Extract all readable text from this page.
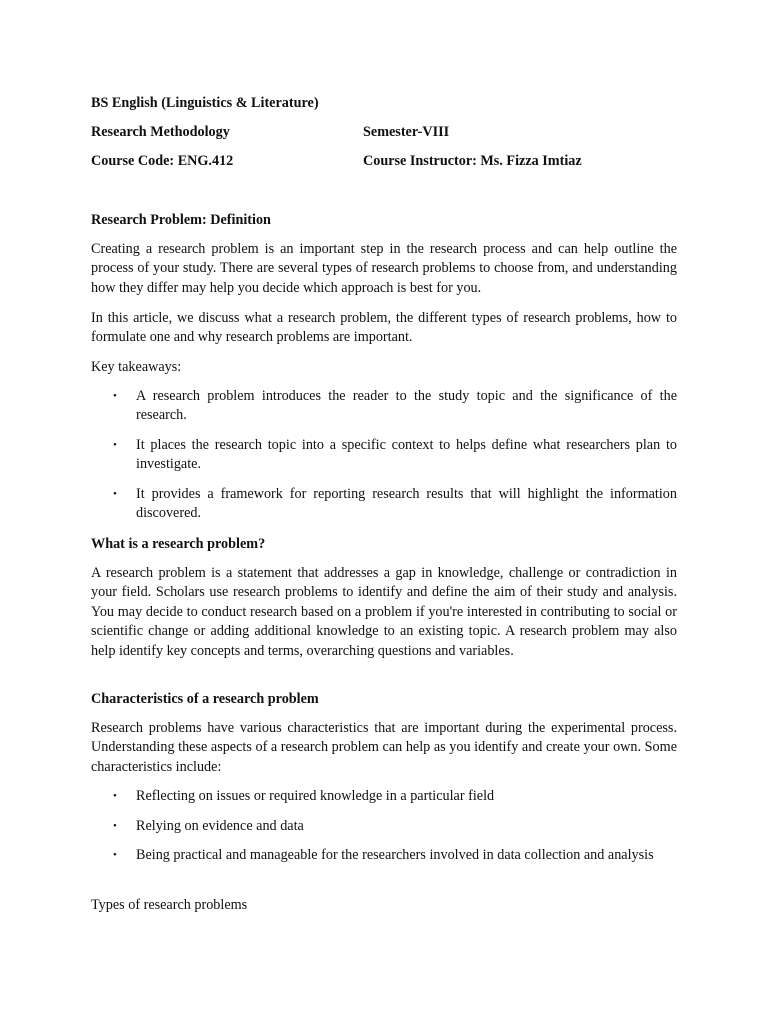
BS English (Linguistics & Literature)
Research Methodology	Semester-VIII
Course Code: ENG.412	Course Instructor: Ms. Fizza Imtiaz
Research Problem: Definition
Creating a research problem is an important step in the research process and can help outline the process of your study. There are several types of research problems to choose from, and understanding how they differ may help you decide which approach is best for you.
In this article, we discuss what a research problem, the different types of research problems, how to formulate one and why research problems are important.
Key takeaways:
• A research problem introduces the reader to the study topic and the significance of the research.
• It places the research topic into a specific context to helps define what researchers plan to investigate.
• It provides a framework for reporting research results that will highlight the information discovered.
What is a research problem?
A research problem is a statement that addresses a gap in knowledge, challenge or contradiction in your field. Scholars use research problems to identify and define the aim of their study and analysis. You may decide to conduct research based on a problem if you're interested in contributing to social or scientific change or adding additional knowledge to an existing topic. A research problem may also help identify key concepts and terms, overarching questions and variables.
Characteristics of a research problem
Research problems have various characteristics that are important during the experimental process. Understanding these aspects of a research problem can help as you identify and create your own. Some characteristics include:
• Reflecting on issues or required knowledge in a particular field
• Relying on evidence and data
• Being practical and manageable for the researchers involved in data collection and analysis
Types of research problems
